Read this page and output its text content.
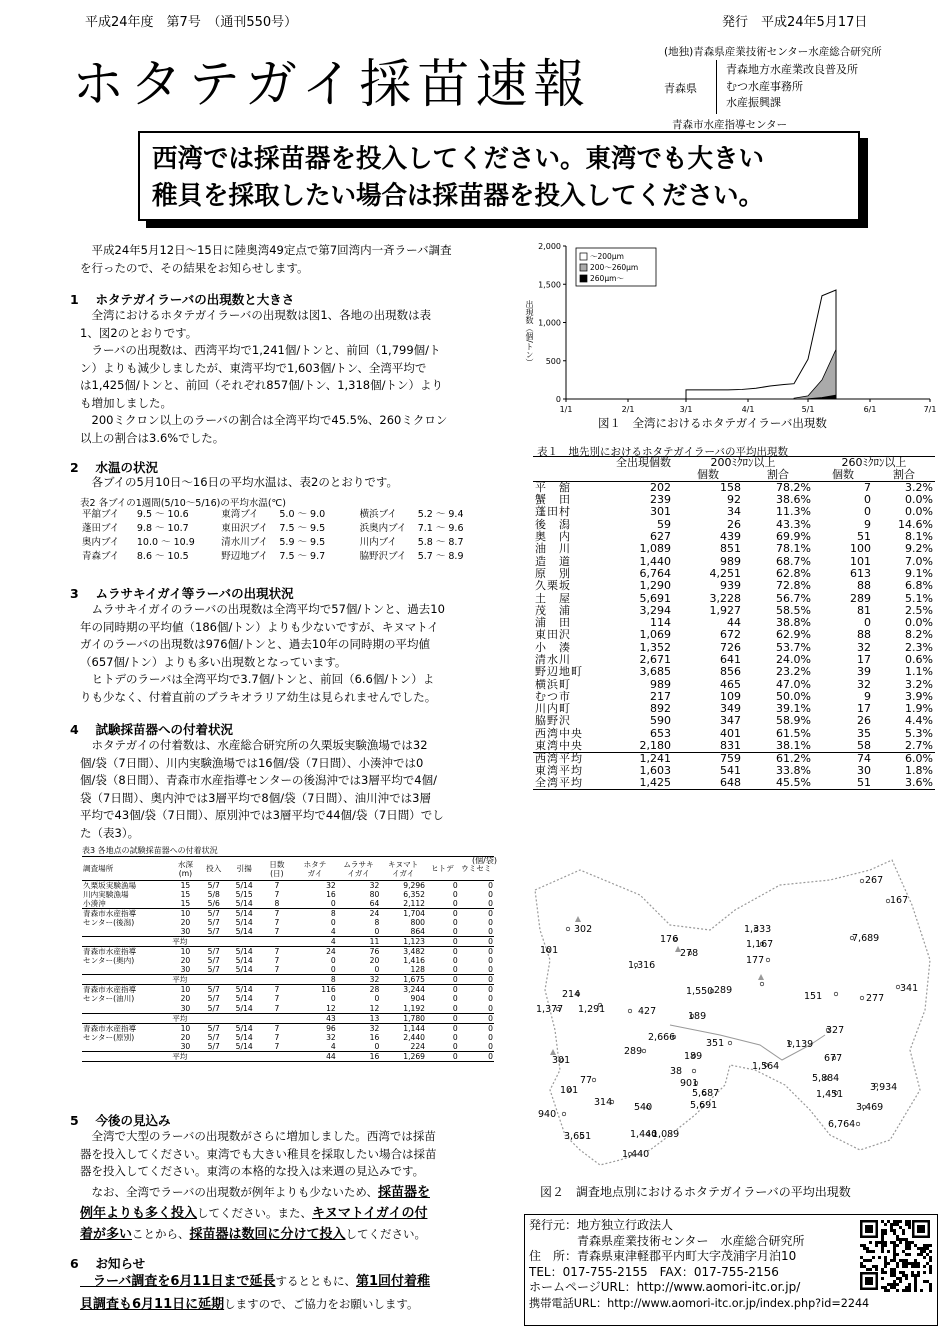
平成24年度　第7号　（通刊550号）	発行　平成24年5月17日
ホタテガイ採苗速報
(地独)青森県産業技術センター水産総合研究所
青森県
青森地方水産業改良普及所
むつ水産事務所
水産振興課
青森市水産指導センター
西湾では採苗器を投入してください。東湾でも大きい
稚貝を採取したい場合は採苗器を投入してください。
　平成24年5月12日～15日に陸奥湾49定点で第7回湾内一斉ラーバ調査
を行ったので、その結果をお知らせします。
1　 ホタテガイラーバの出現数と大きさ
　全湾におけるホタテガイラーバの出現数は図1、各地の出現数は表
1、図2のとおりです。
　ラーバの出現数は、西湾平均で1,241個/トンと、前回（1,799個/ト
ン）よりも減少しましたが、東湾平均で1,603個/トン、全湾平均で
は1,425個/トンと、前回（それぞれ857個/トン、1,318個/トン）より
も増加しました。
　200ミクロン以上のラーバの割合は全湾平均で45.5%、260ミクロン
以上の割合は3.6%でした。
2　 水温の状況
　各ブイの5月10日～16日の平均水温は、表2のとおりです。
表2 各ブイの1週間(5/10～5/16)の平均水温(℃)
平舘ブイ	9.5 ～ 10.6	東湾ブイ	5.0 ～ 9.0	横浜ブイ	5.2 ～ 9.4
蓬田ブイ	9.8 ～ 10.7	東田沢ブイ	7.5 ～ 9.5	浜奥内ブイ	7.1 ～ 9.6
奥内ブイ	10.0 ～ 10.9	清水川ブイ	5.9 ～ 9.5	川内ブイ	5.8 ～ 8.7
青森ブイ	8.6 ～ 10.5	野辺地ブイ	7.5 ～ 9.7	脇野沢ブイ	5.7 ～ 8.9
3　 ムラサキイガイ等ラーバの出現状況
　ムラサキイガイのラーバの出現数は全湾平均で57個/トンと、過去10
年の同時期の平均値（186個/トン）よりも少ないですが、キヌマトイ
ガイのラーバの出現数は976個/トンと、過去10年の同時期の平均値
（657個/トン）よりも多い出現数となっています。
　ヒトデのラーバは全湾平均で3.7個/トンと、前回（6.6個/トン）よ
りも少なく、付着直前のブラキオラリア幼生は見られませんでした。
4　 試験採苗器への付着状況
　ホタテガイの付着数は、水産総合研究所の久栗坂実験漁場では32
個/袋（7日間）、川内実験漁場では16個/袋（7日間）、小湊沖では0
個/袋（8日間）、青森市水産指導センターの後潟沖では3層平均で4個/
袋（7日間）、奥内沖では3層平均で8個/袋（7日間）、油川沖では3層
平均で43個/袋（7日間）、原別沖では3層平均で44個/袋（7日間）でし
た（表3）。
表3 各地点の試験採苗器への付着状況
(個/袋)
調査場所	水深
(m)	投入	引揚	日数
(日)	ホタテ
ガイ	ムラサキ
イガイ	キヌマト
イガイ	ヒトデ	ウミセミ
久栗坂実験漁場	15	5/7	5/14	7	32	32	9,296	0	0
川内実験漁場	15	5/8	5/15	7	16	80	6,352	0	0
小湊沖	15	5/6	5/14	8	0	64	2,112	0	0
青森市水産指導	10	5/7	5/14	7	8	24	1,704	0	0
センター(後潟)	20	5/7	5/14	7	0	8	800	0	0
	30	5/7	5/14	7	4	0	864	0	0
	平均				4	11	1,123	0	0
青森市水産指導	10	5/7	5/14	7	24	76	3,482	0	0
センター(奥内)	20	5/7	5/14	7	0	20	1,416	0	0
	30	5/7	5/14	7	0	0	128	0	0
	平均				8	32	1,675	0	0
青森市水産指導	10	5/7	5/14	7	116	28	3,244	0	0
センター(油川)	20	5/7	5/14	7	0	0	904	0	0
	30	5/7	5/14	7	12	12	1,192	0	0
	平均				43	13	1,780	0	0
青森市水産指導	10	5/7	5/14	7	96	32	1,144	0	0
センター(原別)	20	5/7	5/14	7	32	16	2,440	0	0
	30	5/7	5/14	7	4	0	224	0	0
	平均				44	16	1,269	0	0
5　 今後の見込み
　全湾で大型のラーバの出現数がさらに増加しました。西湾では採苗
器を投入してください。東湾でも大きい稚貝を採取したい場合は採苗
器を投入してください。東湾の本格的な投入は来週の見込みです。
　なお、全湾でラーバの出現数が例年よりも少ないため、採苗器を
例年よりも多く投入してください。また、キヌマトイガイの付
着が多いことから、採苗器は数回に分けて投入してください。
6　 お知らせ
　ラーバ調査を6月11日まで延長するとともに、第1回付着稚
貝調査も6月11日に延期しますので、ご協力をお願いします。
0
500
1,000
1,500
2,000
1/1	2/1	3/1	4/1	5/1	6/1	7/1
～200μm
200～260μm
260μm～
出現数（個/トン）
図１　全湾におけるホタテガイラーバ出現数
表１　地先別におけるホタテガイラーバの平均出現数
	全出現個数	200ﾐｸﾛﾝ以上		260ﾐｸﾛﾝ以上	
		個数	割合	個数	割合
平　舘	202	158	78.2%	7	3.2%
蟹　田	239	92	38.6%	0	0.0%
蓬田村	301	34	11.3%	0	0.0%
後　潟	59	26	43.3%	9	14.6%
奥　内	627	439	69.9%	51	8.1%
油　川	1,089	851	78.1%	100	9.2%
造　道	1,440	989	68.7%	101	7.0%
原　別	6,764	4,251	62.8%	613	9.1%
久栗坂	1,290	939	72.8%	88	6.8%
土　屋	5,691	3,228	56.7%	289	5.1%
茂　浦	3,294	1,927	58.5%	81	2.5%
浦　田	114	44	38.8%	0	0.0%
東田沢	1,069	672	62.9%	88	8.2%
小　湊	1,352	726	53.7%	32	2.3%
清水川	2,671	641	24.0%	17	0.6%
野辺地町	3,685	856	23.2%	39	1.1%
横浜町	989	465	47.0%	32	3.2%
むつ市	217	109	50.0%	9	3.9%
川内町	892	349	39.1%	17	1.9%
脇野沢	590	347	58.9%	26	4.4%
西湾中央	653	401	61.5%	35	5.3%
東湾中央	2,180	831	38.1%	58	2.7%
西湾平均	1,241	759	61.2%	74	6.0%
東湾平均	1,603	541	33.8%	30	1.8%
全湾平均	1,425	648	45.5%	51	3.6%
267
167
302
101
176
278
1,333
1,167
7,689
177
1,316
289
151	277
341
214
1,377 1,291	427
1,550
189
327
2,666
351	1,139
289	189	677
1,564
301
77
38
5,884
3,934
101
901
5,687	1,451
314 540	5,691	3,469
940
1,440
6,764
3,651	1,089
1,440
図２　調査地点別におけるホタテガイラーバの平均出現数
発行元：地方独立行政法人
　　　　青森県産業技術センター　水産総合研究所
住　所：青森県東津軽郡平内町大字茂浦字月泊10
TEL：017-755-2155　FAX：017-755-2156
ホームページURL：http://www.aomori-itc.or.jp/
携帯電話URL：http://www.aomori-itc.or.jp/index.php?id=2244
